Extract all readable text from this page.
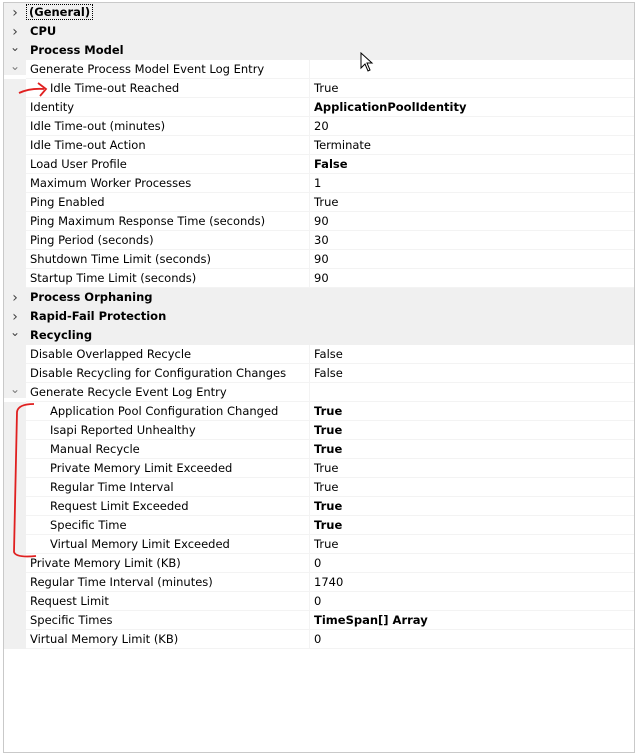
› (General)
›	CPU
⌄ Process Model
⌄ Generate Process Model Event Log Entry
Idle Time-out Reached	True
Identity	ApplicationPoolIdentity
Idle Time-out (minutes)	20
Idle Time-out Action	Terminate
Load User Profile	False
Maximum Worker Processes	1
Ping Enabled	True
Ping Maximum Response Time (seconds)	90
Ping Period (seconds)	30
Shutdown Time Limit (seconds)	90
Startup Time Limit (seconds)	90
›	Process Orphaning
›	Rapid-Fail Protection
⌄ Recycling
Disable Overlapped Recycle	False
Disable Recycling for Configuration Changes	False
⌄ Generate Recycle Event Log Entry
Application Pool Configuration Changed	True
Isapi Reported Unhealthy	True
Manual Recycle	True
Private Memory Limit Exceeded	True
Regular Time Interval	True
Request Limit Exceeded	True
Specific Time	True
Virtual Memory Limit Exceeded	True
Private Memory Limit (KB)	0
Regular Time Interval (minutes)	1740
Request Limit	0
Specific Times	TimeSpan[] Array
Virtual Memory Limit (KB)	0
